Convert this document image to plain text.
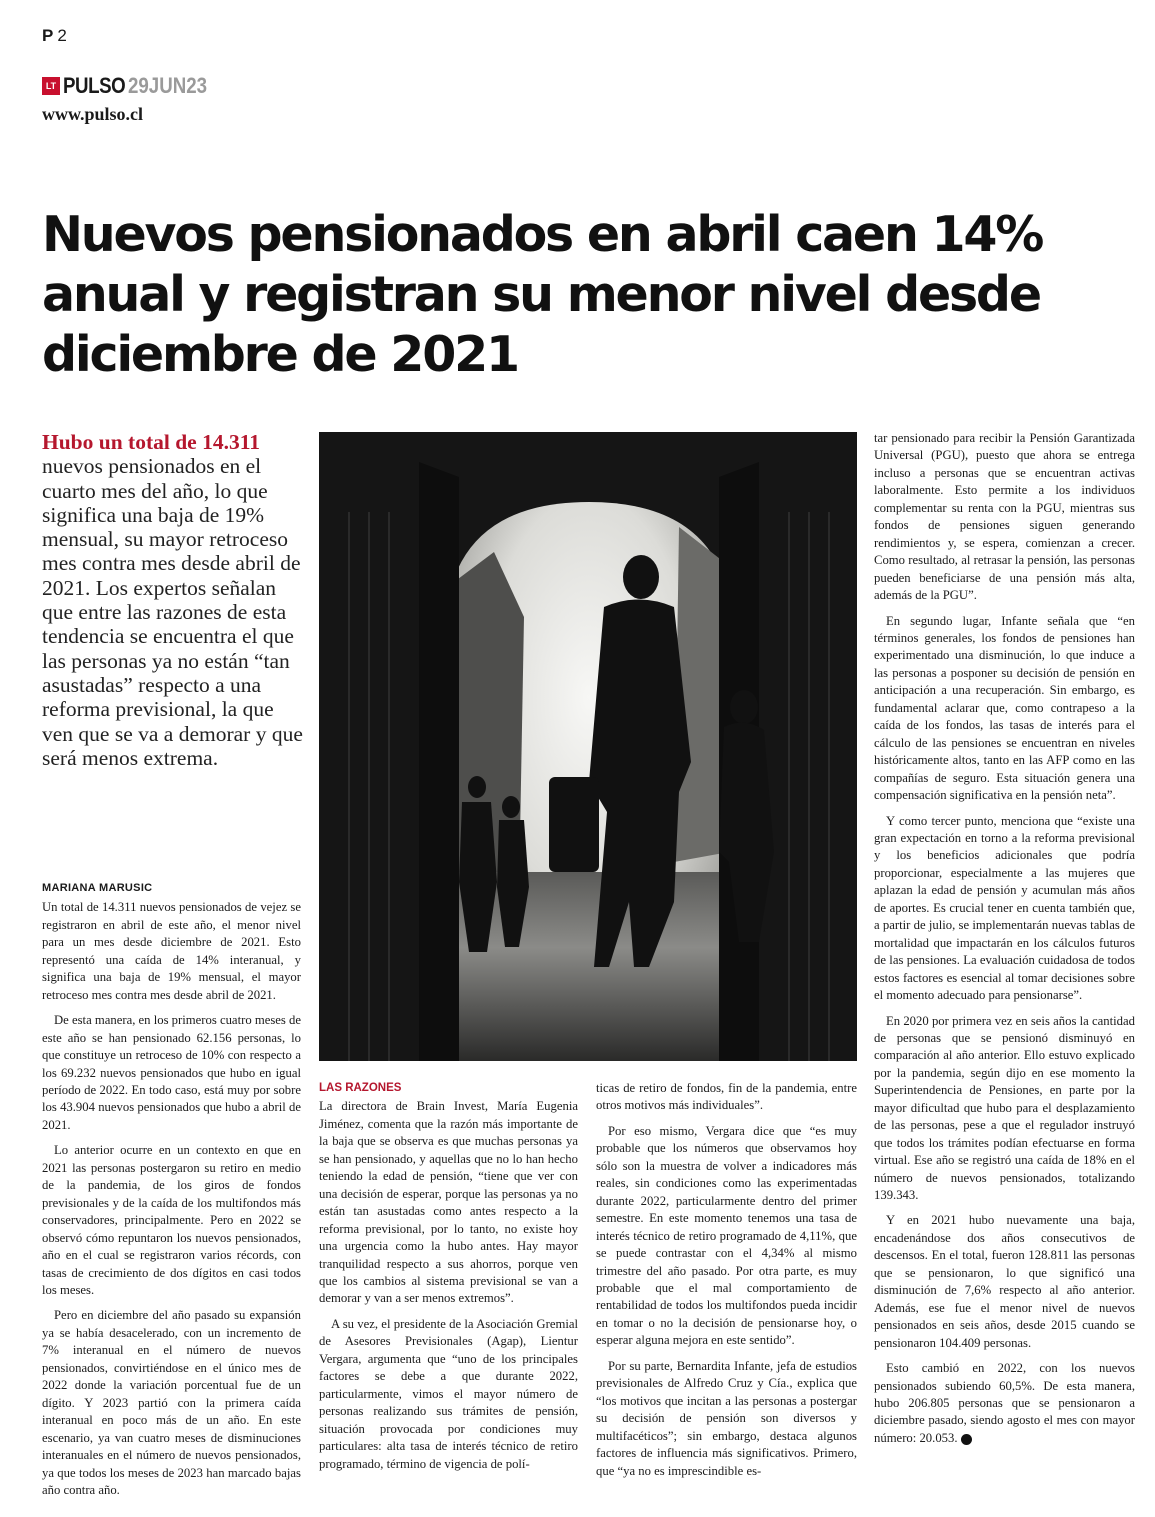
P 2
LT PULSO 29JUN23
www.pulso.cl
Nuevos pensionados en abril caen 14% anual y registran su menor nivel desde diciembre de 2021
Hubo un total de 14.311 nuevos pensionados en el cuarto mes del año, lo que significa una baja de 19% mensual, su mayor retroceso mes contra mes desde abril de 2021. Los expertos señalan que entre las razones de esta tendencia se encuentra el que las personas ya no están “tan asustadas” respecto a una reforma previsional, la que ven que se va a demorar y que será menos extrema.
MARIANA MARUSIC

Un total de 14.311 nuevos pensionados de vejez se registraron en abril de este año, el menor nivel para un mes desde diciembre de 2021. Esto representó una caída de 14% interanual, y significa una baja de 19% mensual, el mayor retroceso mes contra mes desde abril de 2021.

De esta manera, en los primeros cuatro meses de este año se han pensionado 62.156 personas, lo que constituye un retroceso de 10% con respecto a los 69.232 nuevos pensionados que hubo en igual período de 2022. En todo caso, está muy por sobre los 43.904 nuevos pensionados que hubo a abril de 2021.

Lo anterior ocurre en un contexto en que en 2021 las personas postergaron su retiro en medio de la pandemia, de los giros de fondos previsionales y de la caída de los multifondos más conservadores, principalmente. Pero en 2022 se observó cómo repuntaron los nuevos pensionados, año en el cual se registraron varios récords, con tasas de crecimiento de dos dígitos en casi todos los meses.

Pero en diciembre del año pasado su expansión ya se había desacelerado, con un incremento de 7% interanual en el número de nuevos pensionados, convirtiéndose en el único mes de 2022 donde la variación porcentual fue de un dígito. Y 2023 partió con la primera caída interanual en poco más de un año. En este escenario, ya van cuatro meses de disminuciones interanuales en el número de nuevos pensionados, ya que todos los meses de 2023 han marcado bajas año contra año.

LAS RAZONES

La directora de Brain Invest, María Eugenia Jiménez, comenta que la razón más importante de la baja que se observa es que muchas personas ya se han pensionado, y aquellas que no lo han hecho teniendo la edad de pensión, “tiene que ver con una decisión de esperar, porque las personas ya no están tan asustadas como antes respecto a la reforma previsional, por lo tanto, no existe hoy una urgencia como la hubo antes. Hay mayor tranquilidad respecto a sus ahorros, porque ven que los cambios al sistema previsional se van a demorar y van a ser menos extremos”.

A su vez, el presidente de la Asociación Gremial de Asesores Previsionales (Agap), Lientur Vergara, argumenta que “uno de los principales factores se debe a que durante 2022, particularmente, vimos el mayor número de personas realizando sus trámites de pensión, situación provocada por condiciones muy particulares: alta tasa de interés técnico de retiro programado, término de vigencia de polí-

ticas de retiro de fondos, fin de la pandemia, entre otros motivos más individuales”.

Por eso mismo, Vergara dice que “es muy probable que los números que observamos hoy sólo son la muestra de volver a indicadores más reales, sin condiciones como las experimentadas durante 2022, particularmente dentro del primer semestre. En este momento tenemos una tasa de interés técnico de retiro programado de 4,11%, que se puede contrastar con el 4,34% al mismo trimestre del año pasado. Por otra parte, es muy probable que el mal comportamiento de rentabilidad de todos los multifondos pueda incidir en tomar o no la decisión de pensionarse hoy, o esperar alguna mejora en este sentido”.

Por su parte, Bernardita Infante, jefa de estudios previsionales de Alfredo Cruz y Cía., explica que “los motivos que incitan a las personas a postergar su decisión de pensión son diversos y multifacéticos”; sin embargo, destaca algunos factores de influencia más significativos. Primero, que “ya no es imprescindible es-

tar pensionado para recibir la Pensión Garantizada Universal (PGU), puesto que ahora se entrega incluso a personas que se encuentran activas laboralmente. Esto permite a los individuos complementar su renta con la PGU, mientras sus fondos de pensiones siguen generando rendimientos y, se espera, comienzan a crecer. Como resultado, al retrasar la pensión, las personas pueden beneficiarse de una pensión más alta, además de la PGU”.

En segundo lugar, Infante señala que “en términos generales, los fondos de pensiones han experimentado una disminución, lo que induce a las personas a posponer su decisión de pensión en anticipación a una recuperación. Sin embargo, es fundamental aclarar que, como contrapeso a la caída de los fondos, las tasas de interés para el cálculo de las pensiones se encuentran en niveles históricamente altos, tanto en las AFP como en las compañías de seguro. Esta situación genera una compensación significativa en la pensión neta”.

Y como tercer punto, menciona que “existe una gran expectación en torno a la reforma previsional y los beneficios adicionales que podría proporcionar, especialmente a las mujeres que aplazan la edad de pensión y acumulan más años de aportes. Es crucial tener en cuenta también que, a partir de julio, se implementarán nuevas tablas de mortalidad que impactarán en los cálculos futuros de las pensiones. La evaluación cuidadosa de todos estos factores es esencial al tomar decisiones sobre el momento adecuado para pensionarse”.

En 2020 por primera vez en seis años la cantidad de personas que se pensionó disminuyó en comparación al año anterior. Ello estuvo explicado por la pandemia, según dijo en ese momento la Superintendencia de Pensiones, en parte por la mayor dificultad que hubo para el desplazamiento de las personas, pese a que el regulador instruyó que todos los trámites podían efectuarse en forma virtual. Ese año se registró una caída de 18% en el número de nuevos pensionados, totalizando 139.343.

Y en 2021 hubo nuevamente una baja, encadenándose dos años consecutivos de descensos. En el total, fueron 128.811 las personas que se pensionaron, lo que significó una disminución de 7,6% respecto al año anterior. Además, ese fue el menor nivel de nuevos pensionados en seis años, desde 2015 cuando se pensionaron 104.409 personas.

Esto cambió en 2022, con los nuevos pensionados subiendo 60,5%. De esta manera, hubo 206.805 personas que se pensionaron a diciembre pasado, siendo agosto el mes con mayor número: 20.053. P
